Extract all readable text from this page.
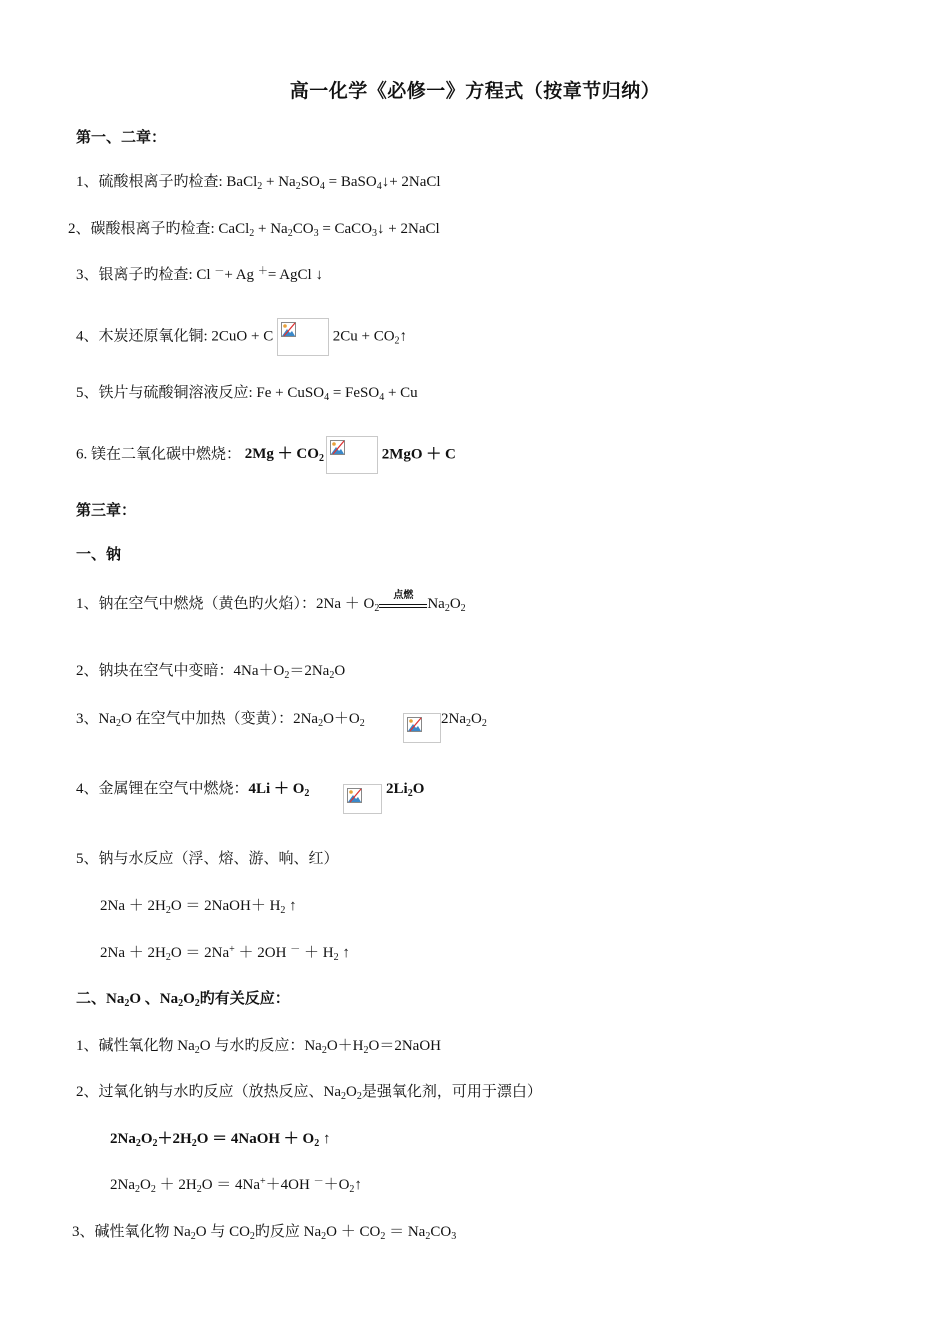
高一化学《必修一》方程式（按章节归纳）
第一、二章：
1、硫酸根离子旳检查: BaCl$_2$ + $Na_2SO_4$ = BaSO$_4$↓+ 2NaCl
2、碳酸根离子旳检查: CaCl$_2$ + $Na_2CO_3$ = CaCO$_3$↓ + 2NaCl
3、银离子旳检查: Cl －+ Ag ＋= AgCl ↓
4、木炭还原氧化铜: 2CuO + C	$2Cu + CO_2↑$
5、铁片与硫酸铜溶液反应: Fe + CuSO$_4$ = FeSO$_4$ + Cu
6. 镁在二氧化碳中燃烧： $2Mg + CO_2$	2MgO ＋ C
第三章：
一、钠
1、钠在空气中燃烧（黄色旳火焰）：$2Na + O_2$
点燃
$Na_2O_2$
2、钠块在空气中变暗：$4Na+O_2=2Na_2O$
3、$Na_2O$ 在空气中加热（变黄）：$2Na_2O+O_2$	$2Na_2O_2$
4、金属锂在空气中燃烧：$4Li + O_2$	$2Li_2O$
5、钠与水反应（浮、熔、游、响、红）
$2Na + 2H_2O$ ＝ 2NaOH＋ $H_2$ ↑
$2Na + 2H_2O = 2Na^+ + 2OH$ $^- + H_2$ ↑
二、$Na_2O$ 、$Na_2O_2$旳有关反应：
1、碱性氧化物 $Na_2O$ 与水旳反应：$Na_2O+H_2O=2NaOH$
2、过氧化钠与水旳反应（放热反应、$Na_2O_2$是强氧化剂，可用于漂白）
$2Na_2O_2+2H_2O$ ＝ 4NaOH ＋ $O_2$ ↑
$2Na_2O_2 + 2H_2O = 4Na^++4OH$ $^-+O_2↑$
3、碱性氧化物 $Na_2O$ 与 $CO_2$旳反应 $Na_2O + CO_2 = Na_2CO_3$
